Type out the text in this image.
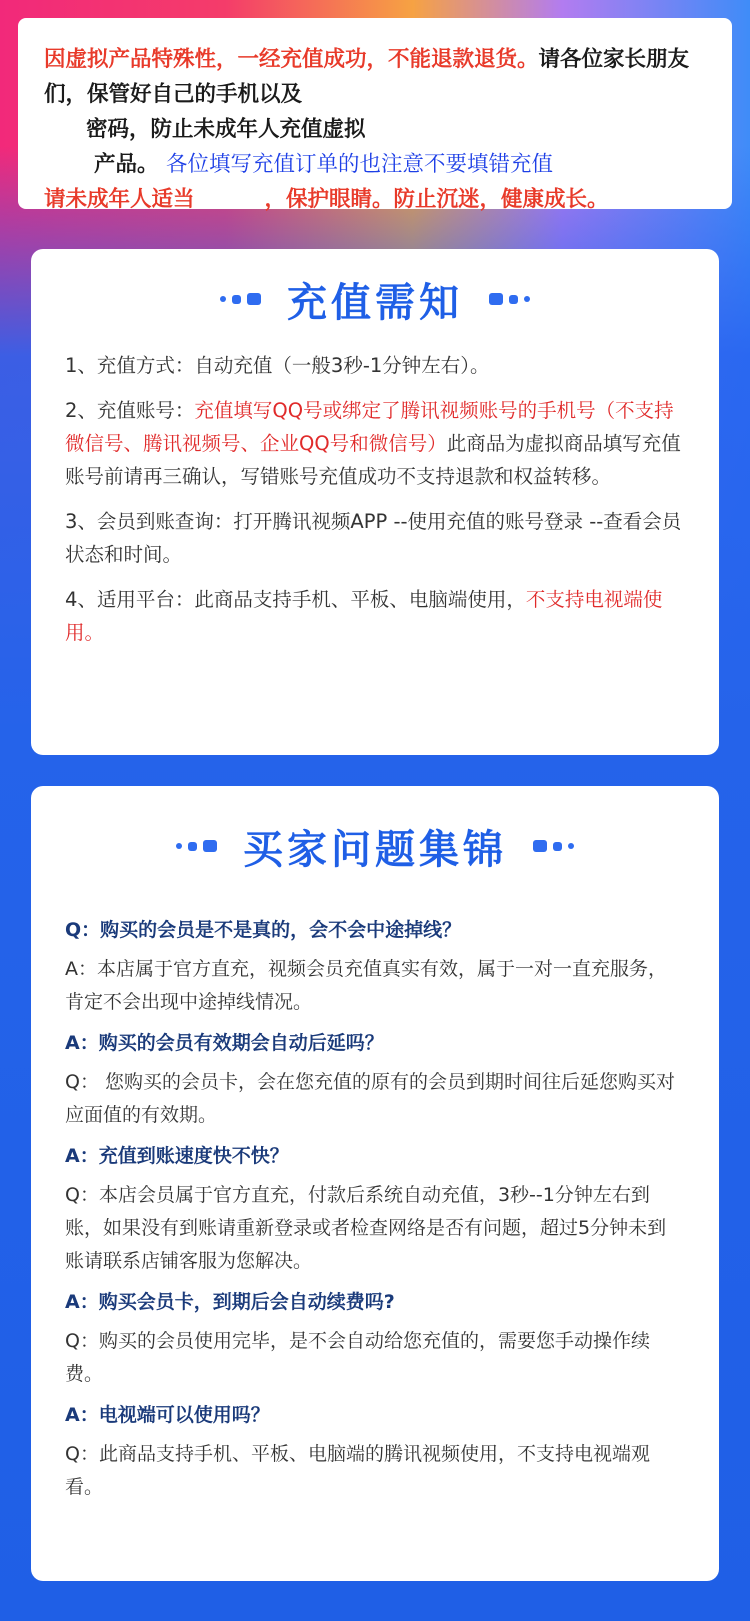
因虚拟产品特殊性，一经充值成功，不能退款退货。请各位家长朋友们，保管好自己的手机以及
密码，防止未成年人充值虚拟
产品。 各位填写充值订单的也注意不要填错充值
请未成年人适当	，保护眼睛。防止沉迷，健康成长。
充值需知
1、充值方式：自动充值（一般3秒-1分钟左右）。
2、充值账号：充值填写QQ号或绑定了腾讯视频账号的手机号（不支持微信号、腾讯视频号、企业QQ号和微信号）此商品为虚拟商品填写充值账号前请再三确认，写错账号充值成功不支持退款和权益转移。
3、会员到账查询：打开腾讯视频APP --使用充值的账号登录 --查看会员状态和时间。
4、适用平台：此商品支持手机、平板、电脑端使用，不支持电视端使用。
买家问题集锦
Q：购买的会员是不是真的，会不会中途掉线？
A：本店属于官方直充，视频会员充值真实有效，属于一对一直充服务，肯定不会出现中途掉线情况。
A：购买的会员有效期会自动后延吗？
Q： 您购买的会员卡，会在您充值的原有的会员到期时间往后延您购买对应面值的有效期。
A：充值到账速度快不快？
Q：本店会员属于官方直充，付款后系统自动充值，3秒--1分钟左右到账，如果没有到账请重新登录或者检查网络是否有问题，超过5分钟未到账请联系店铺客服为您解决。
A：购买会员卡，到期后会自动续费吗?
Q：购买的会员使用完毕，是不会自动给您充值的，需要您手动操作续费。
A：电视端可以使用吗？
Q：此商品支持手机、平板、电脑端的腾讯视频使用，不支持电视端观看。
